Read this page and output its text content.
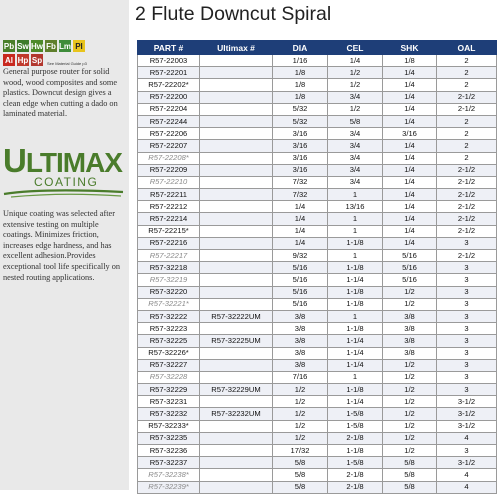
Pb Sw Hw Fb Lm Pl
Al Hp Sp See Material Guide p3
General purpose router for solid wood, wood composites and some plastics. Downcut design gives a clean edge when cutting a dado on laminated material.
ULTIMAX
COATING
Unique coating was selected after extensive testing on multiple coatings. Minimizes friction, increases edge hardness, and has excellent adhesion.Provides exceptional tool life specifically on nested routing applications.
2 Flute Downcut Spiral
PART #	Ultimax #	DIA	CEL	SHK	OAL
R57-22003		1/16	1/4	1/8	2
R57-22201		1/8	1/2	1/4	2
R57-22202*		1/8	1/2	1/4	2
R57-22200		1/8	3/4	1/4	2-1/2
R57-22204		5/32	1/2	1/4	2-1/2
R57-22244		5/32	5/8	1/4	2
R57-22206		3/16	3/4	3/16	2
R57-22207		3/16	3/4	1/4	2
R57-22208*		3/16	3/4	1/4	2
R57-22209		3/16	3/4	1/4	2-1/2
R57-22210		7/32	3/4	1/4	2-1/2
R57-22211		7/32	1	1/4	2-1/2
R57-22212		1/4	13/16	1/4	2-1/2
R57-22214		1/4	1	1/4	2-1/2
R57-22215*		1/4	1	1/4	2-1/2
R57-22216		1/4	1-1/8	1/4	3
R57-22217		9/32	1	5/16	2-1/2
R57-32218		5/16	1-1/8	5/16	3
R57-32219		5/16	1-1/4	5/16	3
R57-32220		5/16	1-1/8	1/2	3
R57-32221*		5/16	1-1/8	1/2	3
R57-32222	R57-32222UM	3/8	1	3/8	3
R57-32223		3/8	1-1/8	3/8	3
R57-32225	R57-32225UM	3/8	1-1/4	3/8	3
R57-32226*		3/8	1-1/4	3/8	3
R57-32227		3/8	1-1/4	1/2	3
R57-32228		7/16	1	1/2	3
R57-32229	R57-32229UM	1/2	1-1/8	1/2	3
R57-32231		1/2	1-1/4	1/2	3-1/2
R57-32232	R57-32232UM	1/2	1-5/8	1/2	3-1/2
R57-32233*		1/2	1-5/8	1/2	3-1/2
R57-32235		1/2	2-1/8	1/2	4
R57-32236		17/32	1-1/8	1/2	3
R57-32237		5/8	1-5/8	5/8	3-1/2
R57-32238*		5/8	2-1/8	5/8	4
R57-32239*		5/8	2-1/8	5/8	4
